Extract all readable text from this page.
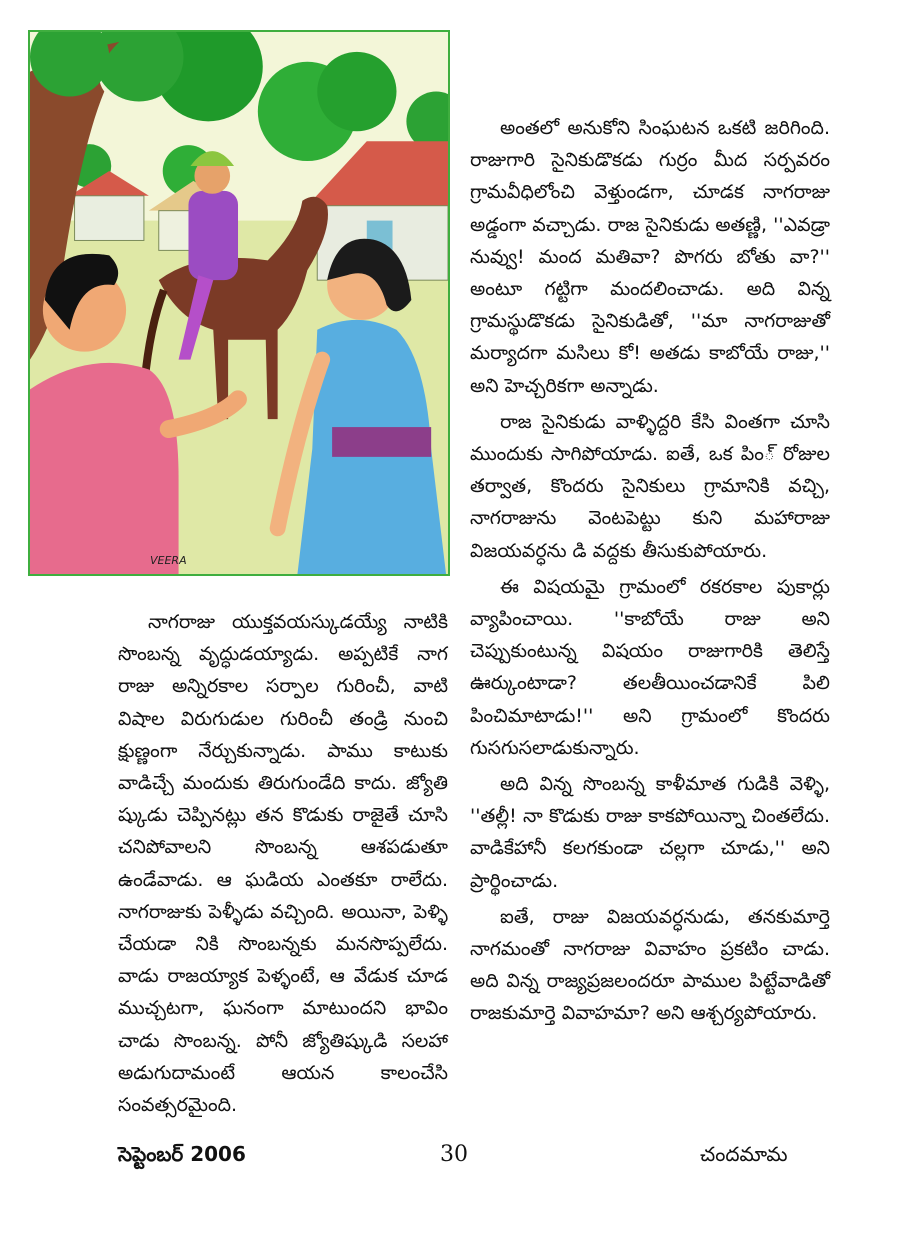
VEERA

అంతలో అనుకోని సింఘటన ఒకటి జరిగింది. రాజుగారి సైనికుడొకడు గుర్రం మీద సర్పవరం గ్రామవీధిలోంచి వెళ్తుండగా, చూడక నాగరాజు అడ్డంగా వచ్చాడు. రాజ సైనికుడు అతణ్ణి, ''ఎవడ్రా నువ్వు! మంద మతివా? పొగరు బోతు వా?'' అంటూ గట్టిగా మందలించాడు. అది విన్న గ్రామస్థుడొకడు సైనికుడితో, ''మా నాగరాజుతో మర్యాదగా మసిలు కో! అతడు కాబోయే రాజు,'' అని హెచ్చరికగా అన్నాడు.

రాజ సైనికుడు వాళ్ళిద్దరి కేసి వింతగా చూసి ముందుకు సాగిపోయాడు. ఐతే, ఒక పిం్ రోజుల తర్వాత, కొందరు సైనికులు గ్రామానికి వచ్చి, నాగరాజును వెంటపెట్టు కుని మహారాజు విజయవర్ధను డి వద్దకు తీసుకుపోయారు.

ఈ విషయమై గ్రామంలో రకరకాల పుకార్లు వ్యాపించాయి. ''కాబోయే రాజు అని చెప్పుకుంటున్న విషయం రాజుగారికి తెలిస్తే ఊర్కుంటాడా? తలతీయించడానికే పిలి పించిమాటాడు!'' అని గ్రామంలో కొందరు గుసగుసలాడుకున్నారు.

అది విన్న సొంబన్న కాళీమాత గుడికి వెళ్ళి, ''తల్లీ! నా కొడుకు రాజు కాకపోయిన్నా చింతలేదు. వాడికేహానీ కలగకుండా చల్లగా చూడు,'' అని ప్రార్థించాడు.

ఐతే, రాజు విజయవర్ధనుడు, తనకుమార్తె నాగమంతో నాగరాజు వివాహం ప్రకటిం చాడు. అది విన్న రాజ్యప్రజలందరూ పాముల పిట్టేవాడితో రాజకుమార్తె వివాహమా? అని ఆశ్చర్యపోయారు.

నాగరాజు యుక్తవయస్కుడయ్యే నాటికి సొంబన్న వృద్ధుడయ్యాడు. అప్పటికే నాగ రాజు అన్నిరకాల సర్పాల గురించీ, వాటి విషాల విరుగుడుల గురించీ తండ్రి నుంచి క్షుణ్ణంగా నేర్చుకున్నాడు. పాము కాటుకు వాడిచ్చే మందుకు తిరుగుండేది కాదు. జ్యోతి ష్కుడు చెప్పినట్లు తన కొడుకు రాజైతే చూసి చనిపోవాలని సొంబన్న ఆశపడుతూ ఉండేవాడు. ఆ ఘడియ ఎంతకూ రాలేదు. నాగరాజుకు పెళ్ళీడు వచ్చింది. అయినా, పెళ్ళి చేయడా నికి సొంబన్నకు మనసొప్పలేదు. వాడు రాజయ్యాక పెళ్ళంటే, ఆ వేడుక చూడ ముచ్చటగా, ఘనంగా మాటుందని భావిం చాడు సొంబన్న. పోనీ జ్యోతిష్కుడి సలహా అడుగుదామంటే ఆయన కాలంచేసి సంవత్సరమైంది.

సెప్టెంబర్ 2006	30	చందమామ
